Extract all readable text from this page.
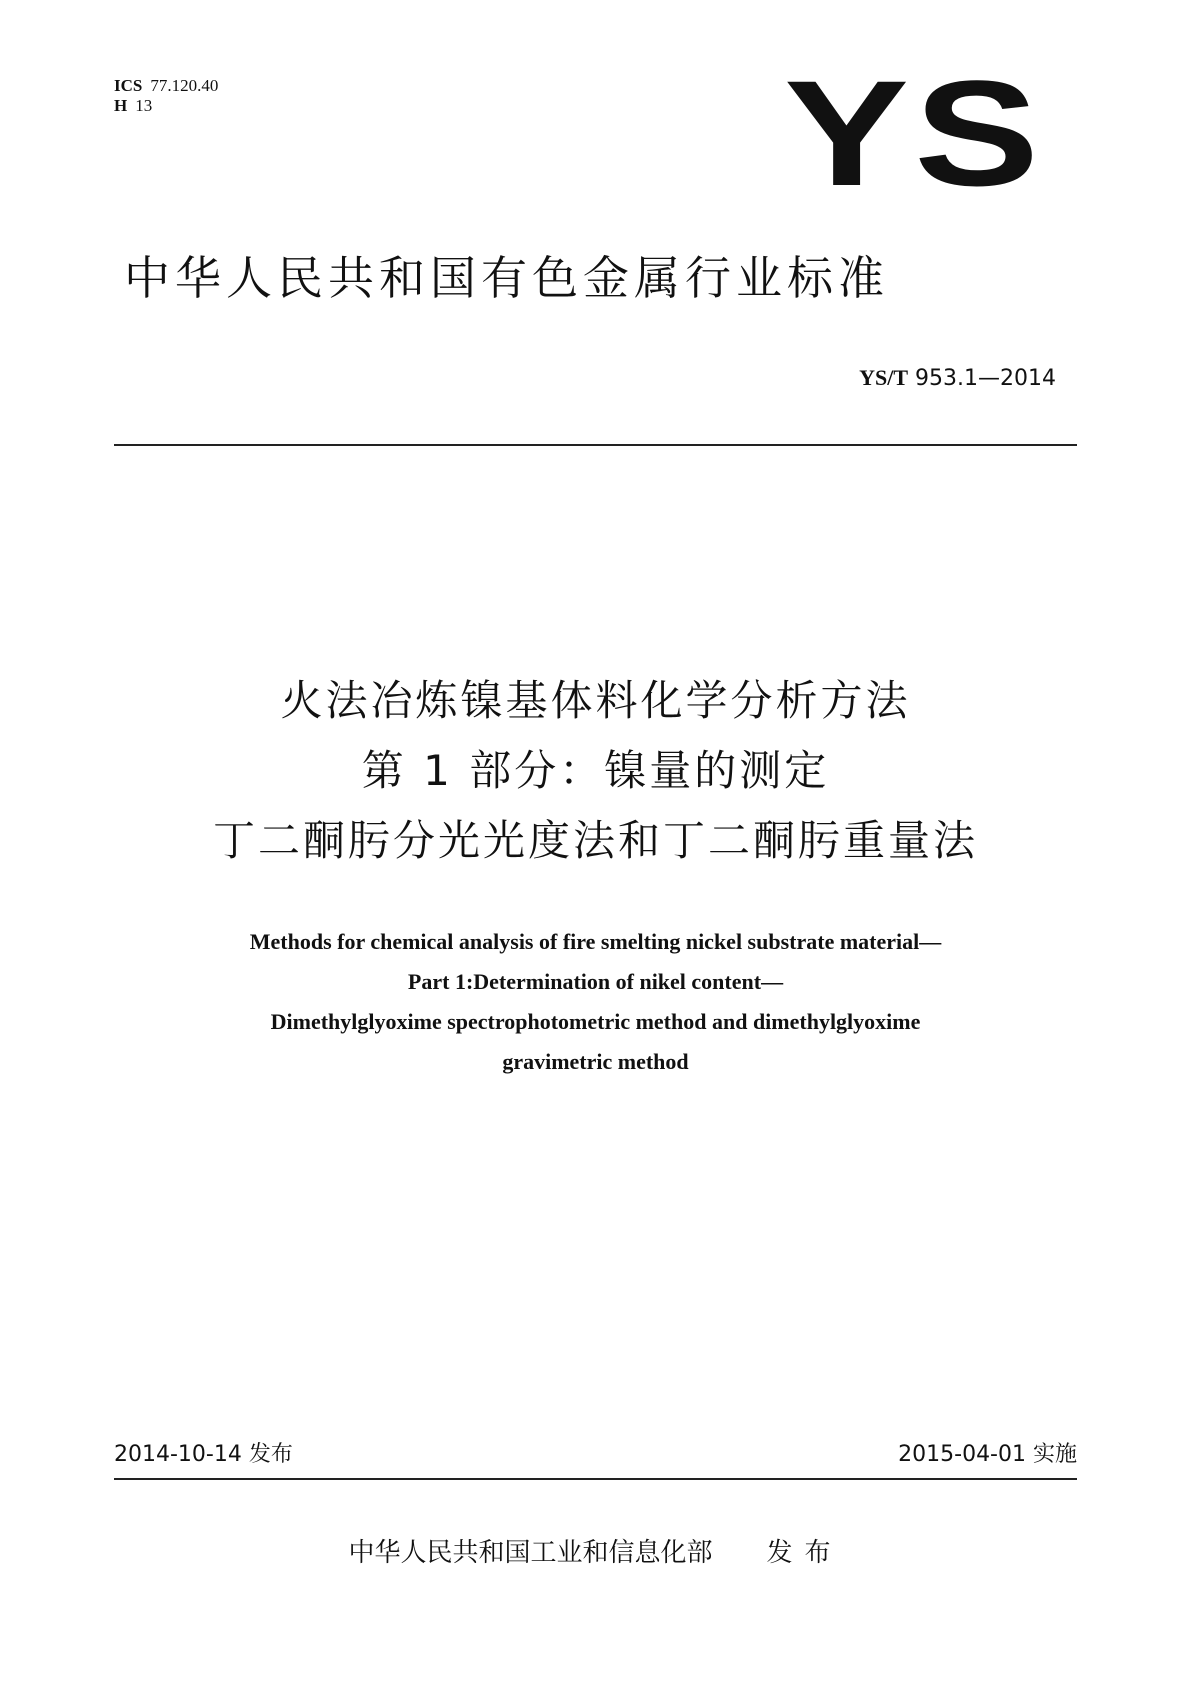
ICS 77.120.40
H 13	YS
中华人民共和国有色金属行业标准
YS/T 953.1—2014
火法冶炼镍基体料化学分析方法
第 1 部分：镍量的测定
丁二酮肟分光光度法和丁二酮肟重量法
Methods for chemical analysis of fire smelting nickel substrate material—
Part 1:Determination of nikel content—
Dimethylglyoxime spectrophotometric method and dimethylglyoxime
gravimetric method
2014-10-14 发布	2015-04-01 实施
中华人民共和国工业和信息化部 发布
